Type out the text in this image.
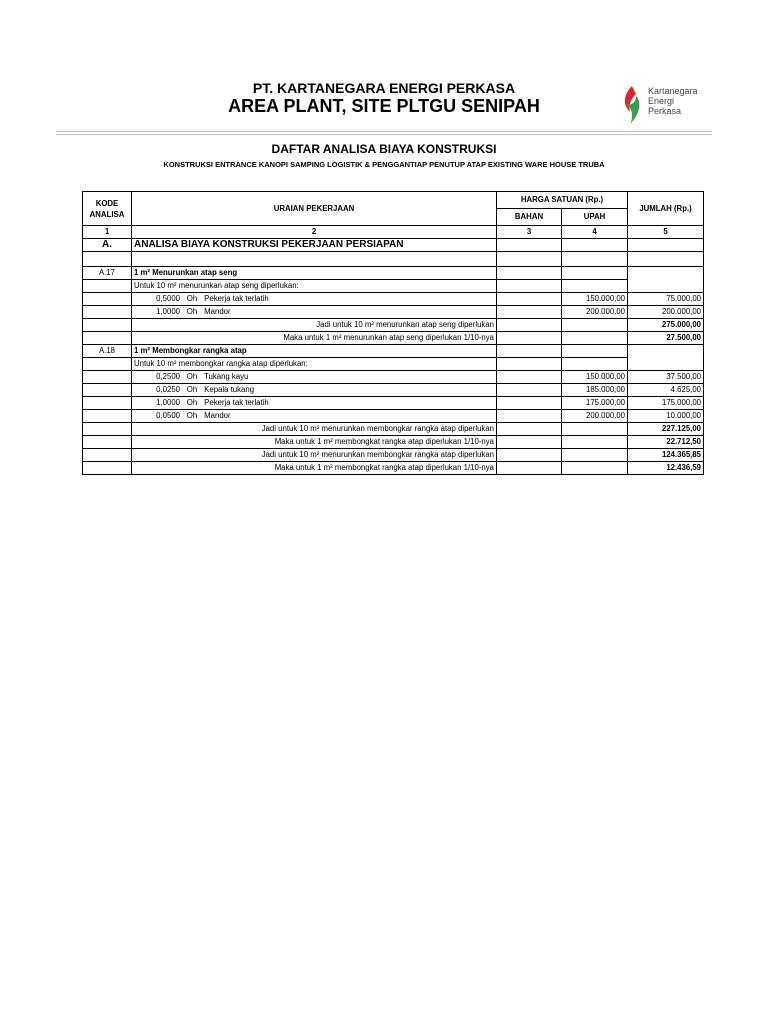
PT. KARTANEGARA ENERGI PERKASA
AREA PLANT, SITE PLTGU SENIPAH
Kartanegara
Energi
Perkasa
DAFTAR ANALISA BIAYA KONSTRUKSI
KONSTRUKSI ENTRANCE KANOPI SAMPING LOGISTIK & PENGGANTIAP PENUTUP ATAP EXISTING WARE HOUSE TRUBA
KODE ANALISA	URAIAN PEKERJAAN	HARGA SATUAN (Rp.)		JUMLAH (Rp.)
		BAHAN	UPAH	
1	2	3	4	5
A.	ANALISA BIAYA KONSTRUKSI PEKERJAAN PERSIAPAN			

A.17	1 m² Menurunkan atap seng			
	Untuk 10 m² menurunkan atap seng diperlukan:			
	0,5000 Oh Pekerja tak terlatih		150.000,00	75.000,00
	1,0000 Oh Mandor		200.000,00	200.000,00
	Jadi untuk 10 m² menurunkan atap seng diperlukan			275.000,00
	Maka untuk 1 m² menurunkan atap seng diperlukan 1/10-nya			27.500,00
A.18	1 m² Membongkar rangka atap			
	Untuk 10 m² membongkar rangka atap diperlukan:			
	0,2500 Oh Tukang kayu		150.000,00	37.500,00
	0,0250 Oh Kepala tukang		185.000,00	4.625,00
	1,0000 Oh Pekerja tak terlatih		175.000,00	175.000,00
	0,0500 Oh Mandor		200.000,00	10.000,00
	Jadi untuk 10 m² menurunkan membongkar rangka atap diperlukan			227.125,00
	Maka untuk 1 m² membongkat rangka atap diperlukan 1/10-nya			22.712,50
	Jadi untuk 10 m² menurunkan membongkar rangka atap diperlukan			124.365,85
	Maka untuk 1 m² membongkat rangka atap diperlukan 1/10-nya			12.436,59
